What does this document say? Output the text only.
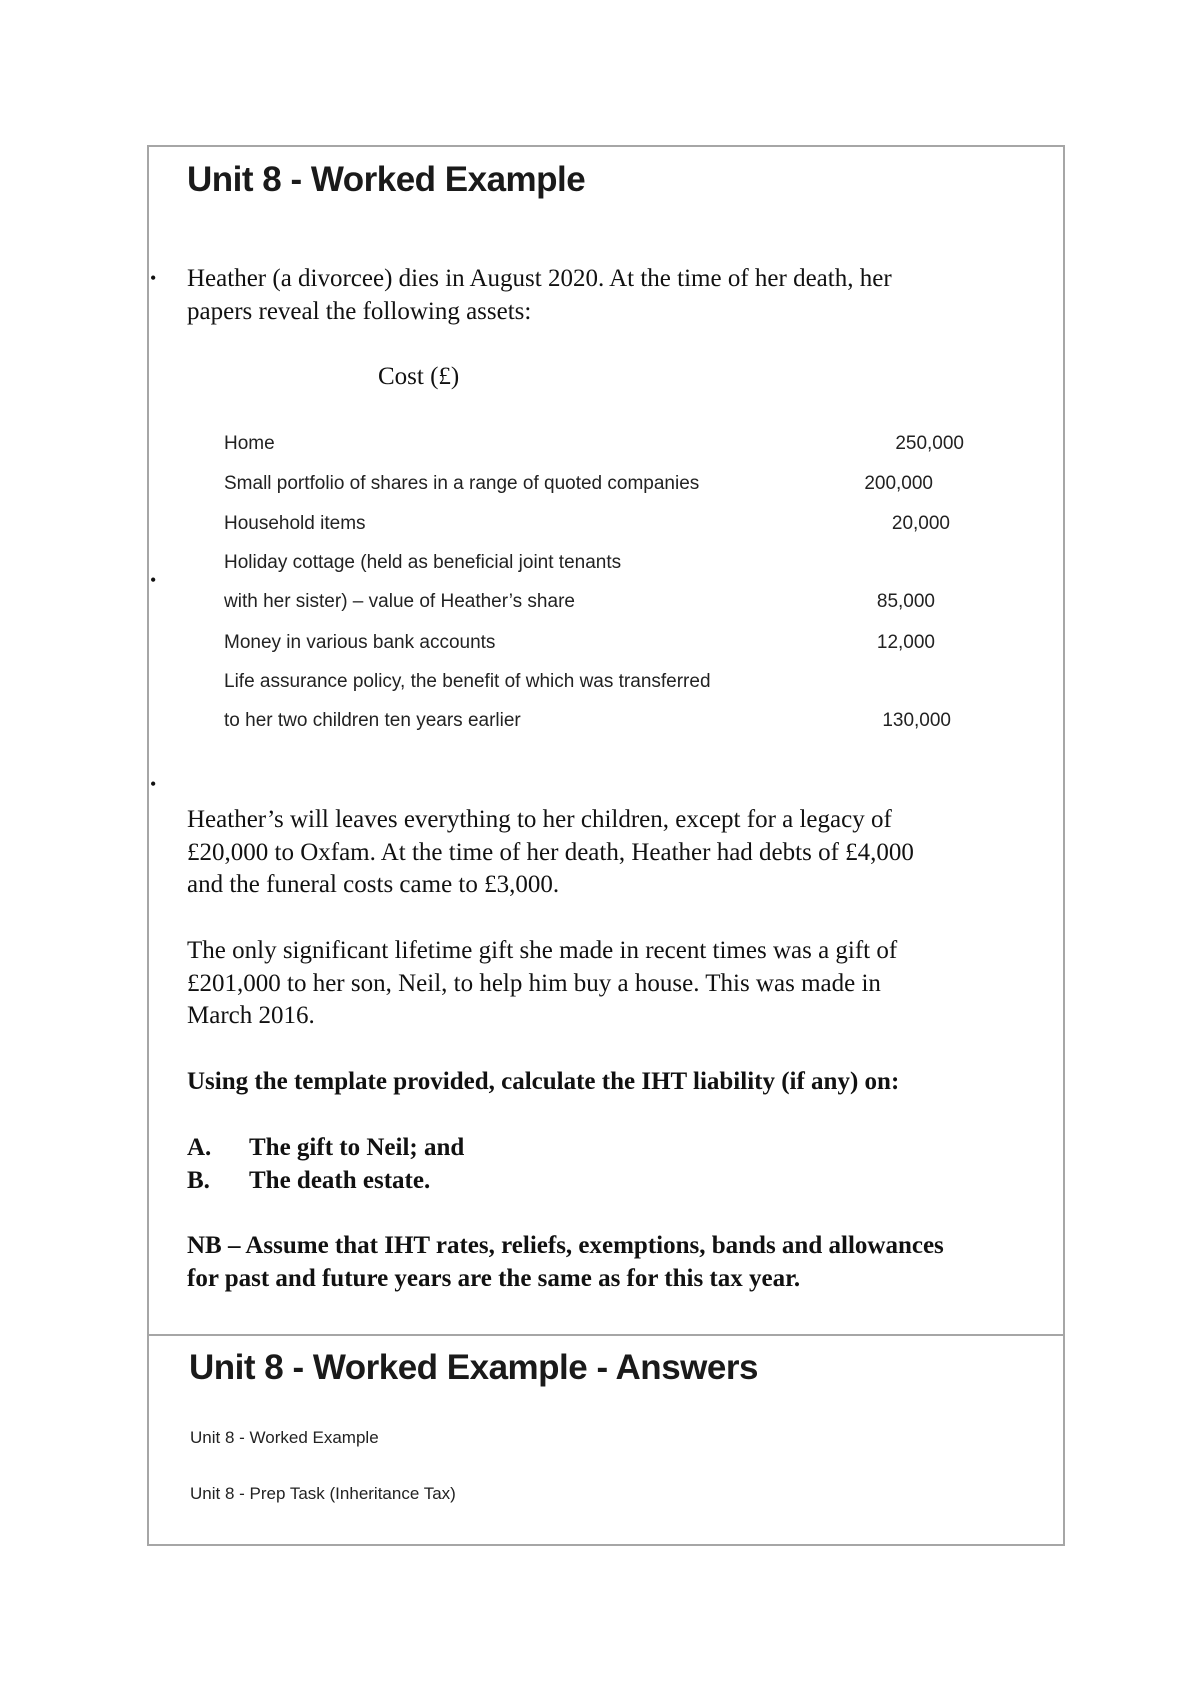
Unit 8 - Worked Example
• Heather (a divorcee) dies in August 2020. At the time of her death, her
papers reveal the following assets:
Cost (£)
Home	250,000
Small portfolio of shares in a range of quoted companies	200,000
Household items	20,000
Holiday cottage (held as beneficial joint tenants
•
with her sister) – value of Heather’s share	85,000
Money in various bank accounts	12,000
Life assurance policy, the benefit of which was transferred
to her two children ten years earlier	130,000
•
Heather’s will leaves everything to her children, except for a legacy of
£20,000 to Oxfam. At the time of her death, Heather had debts of £4,000
and the funeral costs came to £3,000.
The only significant lifetime gift she made in recent times was a gift of
£201,000 to her son, Neil, to help him buy a house. This was made in
March 2016.
Using the template provided, calculate the IHT liability (if any) on:
A. The gift to Neil; and
B. The death estate.
NB – Assume that IHT rates, reliefs, exemptions, bands and allowances
for past and future years are the same as for this tax year.
Unit 8 - Worked Example - Answers
Unit 8 - Worked Example
Unit 8 - Prep Task (Inheritance Tax)
